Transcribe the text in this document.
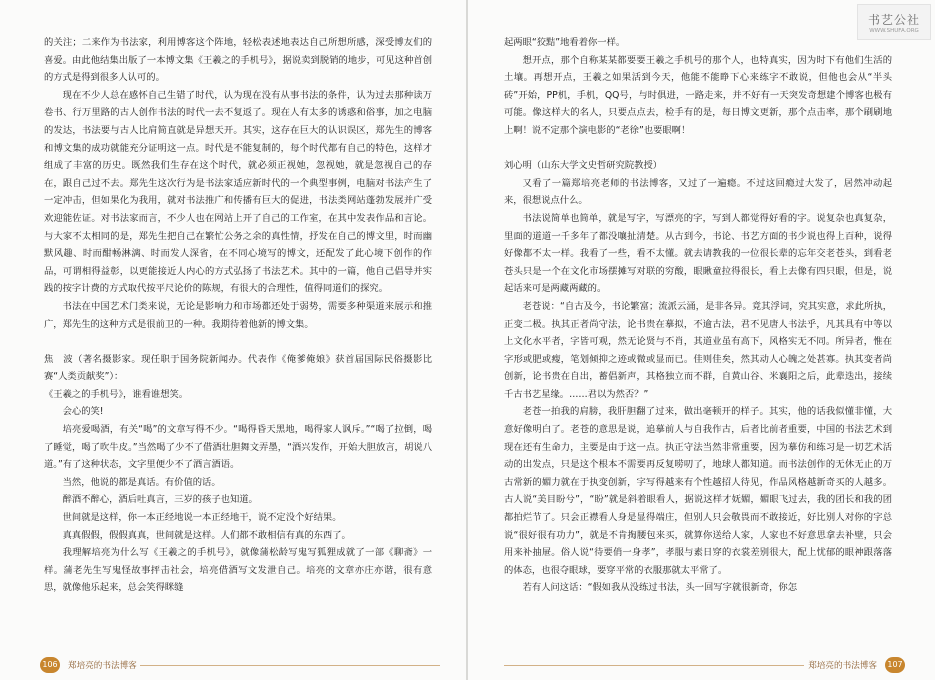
的关注；二来作为书法家，利用博客这个阵地，轻松表述地表达自己所想所感，深受博友们的喜爱。由此他结集出版了一本博文集《王羲之的手机号》，据说卖到脱销的地步，可见这种首创的方式是得到很多人认可的。

现在不少人总在感怀自己生错了时代，认为现在没有从事书法的条件，认为过去那种读万卷书、行万里路的古人创作书法的时代一去不复返了。现在人有太多的诱惑和俗事，加之电脑的发达，书法要与古人比肩简直就是异想天开。其实，这存在巨大的认识误区，郑先生的博客和博文集的成功就能充分证明这一点。时代是不能复制的，每个时代都有自己的特色，这样才组成了丰富的历史。既然我们生存在这个时代，就必须正视她，忽视她，就是忽视自己的存在，跟自己过不去。郑先生这次行为是书法家适应新时代的一个典型事例，电脑对书法产生了一定冲击，但如果化为我用，就对书法推广和传播有巨大的促进，书法类网站蓬勃发展并广受欢迎能佐证。对书法家而言，不少人也在网站上开了自己的工作室，在其中发表作品和言论。与大家不太相同的是，郑先生把自己在繁忙公务之余的真性情，抒发在自己的博文里，时而幽默风趣、时而酣畅淋漓、时而发人深省，在不同心境写的博文，还配发了此心境下创作的作品，可谓相得益彰，以更能接近人内心的方式弘扬了书法艺术。其中的一篇，他自己倡导并实践的按字计费的方式取代按平尺论价的陈规，有很大的合理性，值得同道们的探究。

书法在中国艺术门类来说，无论是影响力和市场都还处于弱势，需要多种渠道来展示和推广，郑先生的这种方式是很前卫的一种。我期待着他新的博文集。

焦　波（著名摄影家。现任职于国务院新闻办。代表作《俺爹俺娘》获首届国际民俗摄影比赛“人类贡献奖”）：

《王羲之的手机号》，谁看谁想笑。

会心的笑!

培亮爱喝酒，有关“喝”的文章写得不少。“喝得昏天黑地，喝得家人讽斥。”“喝了拉倒，喝了睡觉，喝了吹牛皮。”当然喝了少不了借酒壮胆舞文弄墨，“酒兴发作，开始大胆放言，胡说八道。”有了这种状态，文字里便少不了酒言酒语。

当然，他说的都是真话。有价值的话。

醉酒不醉心，酒后吐真言，三岁的孩子也知道。

世间就是这样，你一本正经地说一本正经地干，说不定没个好结果。

真真假假，假假真真，世间就是这样。人们都不敢相信有真的东西了。

我理解培亮为什么写《王羲之的手机号》，就像蒲松龄写鬼写狐狸成就了一部《聊斋》一样。蒲老先生写鬼怪故事抨击社会，培亮借酒写文发泄自己。培亮的文章亦庄亦谐，很有意思，就像他乐起来，总会笑得眯缝

106 郑培亮的书法博客

起两眼“狡黠”地看着你一样。

想开点，那个自称某某都要要王羲之手机号的那个人，也特真实，因为时下有他们生活的土壤。再想开点，王羲之如果活到今天，他能不能睁下心来练字不敢说，但他也会从“半头砖”开始，PP机，手机，QQ号，与时俱进，一路走来，并不好有一天突发奇想建个博客也极有可能。像这样大的名人，只要点点去，检手有的是，每日博文更新，那个点击率，那个刷刷地上啊！说不定那个演电影的“老徐”也要眼啊！

刘心明（山东大学文史哲研究院教授）

又看了一篇郑培亮老师的书法博客，又过了一遍瘾。不过这回瘾过大发了，居然冲动起来，很想说点什么。

书法说简单也简单，就是写字，写漂亮的字，写到人都觉得好看的字。说复杂也真复杂，里面的道道一千多年了都没嚷扯清楚。从古到今，书论、书艺方面的书少说也得上百种，说得好像都不太一样。我看了一些，看不太懂。就去请教我的一位很长辈的忘年交老苍头，到看老苍头只是一个在文化市场摆摊写对联的穷酸，眼瞅童拉得很长，看上去像有四只眼，但是，说起话来可是两藏两藏的。

老苍说：“自古及今，书论繁富；流派云涌，是非各异。竟其浮词，究其实意，求此所执，正变二极。执其正者尚守法，论书贵在摹拟，不逾古法，君不见唐人书法乎，凡其具有中等以上文化水平者，字皆可观，然无论贤与不肖，其道业虽有高下，风格实无不同。所异者，惟在字形或肥或瘦，笔划倾抑之迹或微或显而已。佳则佳矣，然其动人心魄之处甚寡。执其变者尚创新，论书贵在自出，蓄倡新声，其格独立而不群，自黄山谷、米襄阳之后，此辈迭出，接续千古书艺星缘。……君以为然否？”

老苍一拍我的肩膀，我肝胆翻了过来，做出毫顿开的样子。其实，他的话我似懂非懂，大意好像明白了。老苍的意思是说，追摹前人与自我作古，后者比前者重要，中国的书法艺术到现在还有生命力，主要是由于这一点。执正守法当然非常重要，因为摹仿和练习是一切艺术活动的出发点，只是这个根本不需要再反复唠叨了，地球人都知道。而书法创作的无休无止的万古常新的媚力就在于执变创新，字写得越来有个性越招人待见，作品风格越新奇买的人越多。古人说“美目盼兮”，“盼”就是斜着眼看人，据说这样才妩媚，媚眼飞过去，我的团长和我的团都拍烂节了。只会正襟看人身是显得端庄，但别人只会敬畏而不敢接近，好比别人对你的字总说“很好很有功力”，就是不肯掏腰包来买，就算你送给人家，人家也不好意思拿去补壁，只会用来补抽屉。俗人说“待要俏一身孝”，孝服与素日穿的衣裳差别很大，配上忧郁的眼神跟落落的体态，也很夺眼球，要穿平常的衣服那就太平常了。

若有人问这话：“假如我从没练过书法，头一回写字就很新奇，你怎

郑培亮的书法博客 107
书艺公社
WWW.SHUFA.ORG
